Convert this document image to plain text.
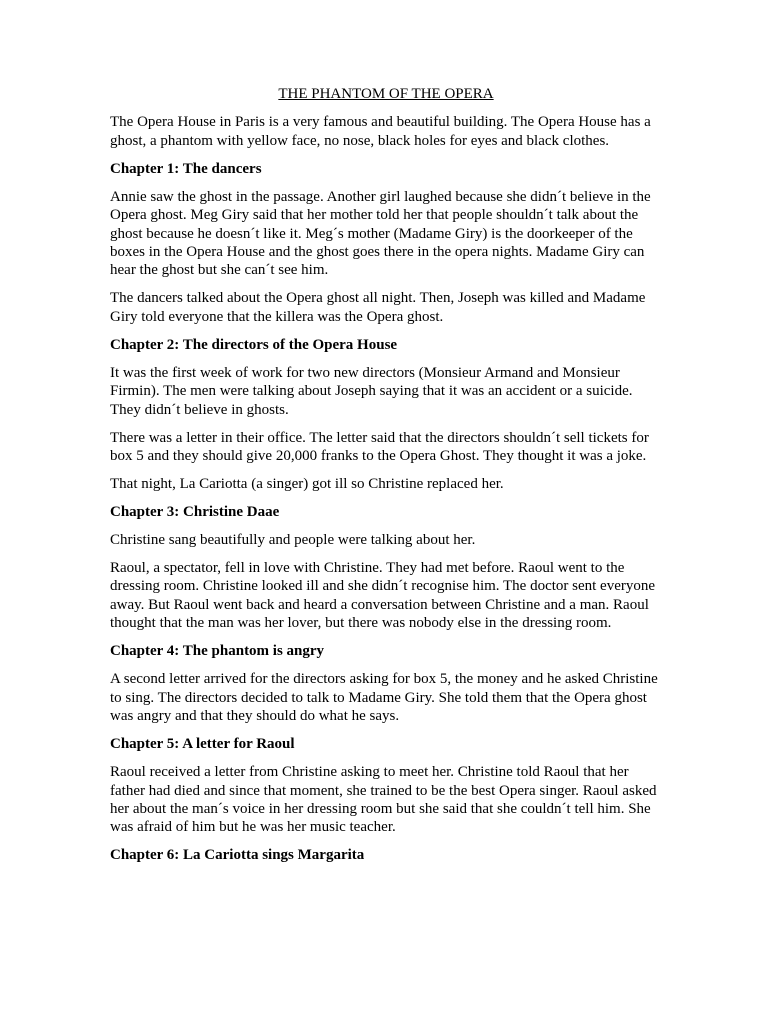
THE PHANTOM OF THE OPERA

The Opera House in Paris is a very famous and beautiful building. The Opera House has a ghost, a phantom with yellow face, no nose, black holes for eyes and black clothes.

Chapter 1: The dancers

Annie saw the ghost in the passage. Another girl laughed because she didn´t believe in the Opera ghost. Meg Giry said that her mother told her that people shouldn´t talk about the ghost because he doesn´t like it. Meg´s mother (Madame Giry) is the doorkeeper of the boxes in the Opera House and the ghost goes there in the opera nights. Madame Giry can hear the ghost but she can´t see him.

The dancers talked about the Opera ghost all night. Then, Joseph was killed and Madame Giry told everyone that the killera was the Opera ghost.

Chapter 2: The directors of the Opera House

It was the first week of work for two new directors (Monsieur Armand and Monsieur Firmin). The men were talking about Joseph saying that it was an accident or a suicide. They didn´t believe in ghosts.

There was a letter in their office. The letter said that the directors shouldn´t sell tickets for box 5 and they should give 20,000 franks to the Opera Ghost. They thought it was a joke.

That night, La Cariotta (a singer) got ill so Christine replaced her.

Chapter 3: Christine Daae

Christine sang beautifully and people were talking about her.

Raoul, a spectator, fell in love with Christine. They had met before. Raoul went to the dressing room. Christine looked ill and she didn´t recognise him. The doctor sent everyone away. But Raoul went back and heard a conversation between Christine and a man. Raoul thought that the man was her lover, but there was nobody else in the dressing room.

Chapter 4: The phantom is angry

A second letter arrived for the directors asking for box 5, the money and he asked Christine to sing. The directors decided to talk to Madame Giry. She told them that the Opera ghost was angry and that they should do what he says.

Chapter 5: A letter for Raoul

Raoul received a letter from Christine asking to meet her. Christine told Raoul that her father had died and since that moment, she trained to be the best Opera singer. Raoul asked her about the man´s voice in her dressing room but she said that she couldn´t tell him. She was afraid of him but he was her music teacher.

Chapter 6: La Cariotta sings Margarita
